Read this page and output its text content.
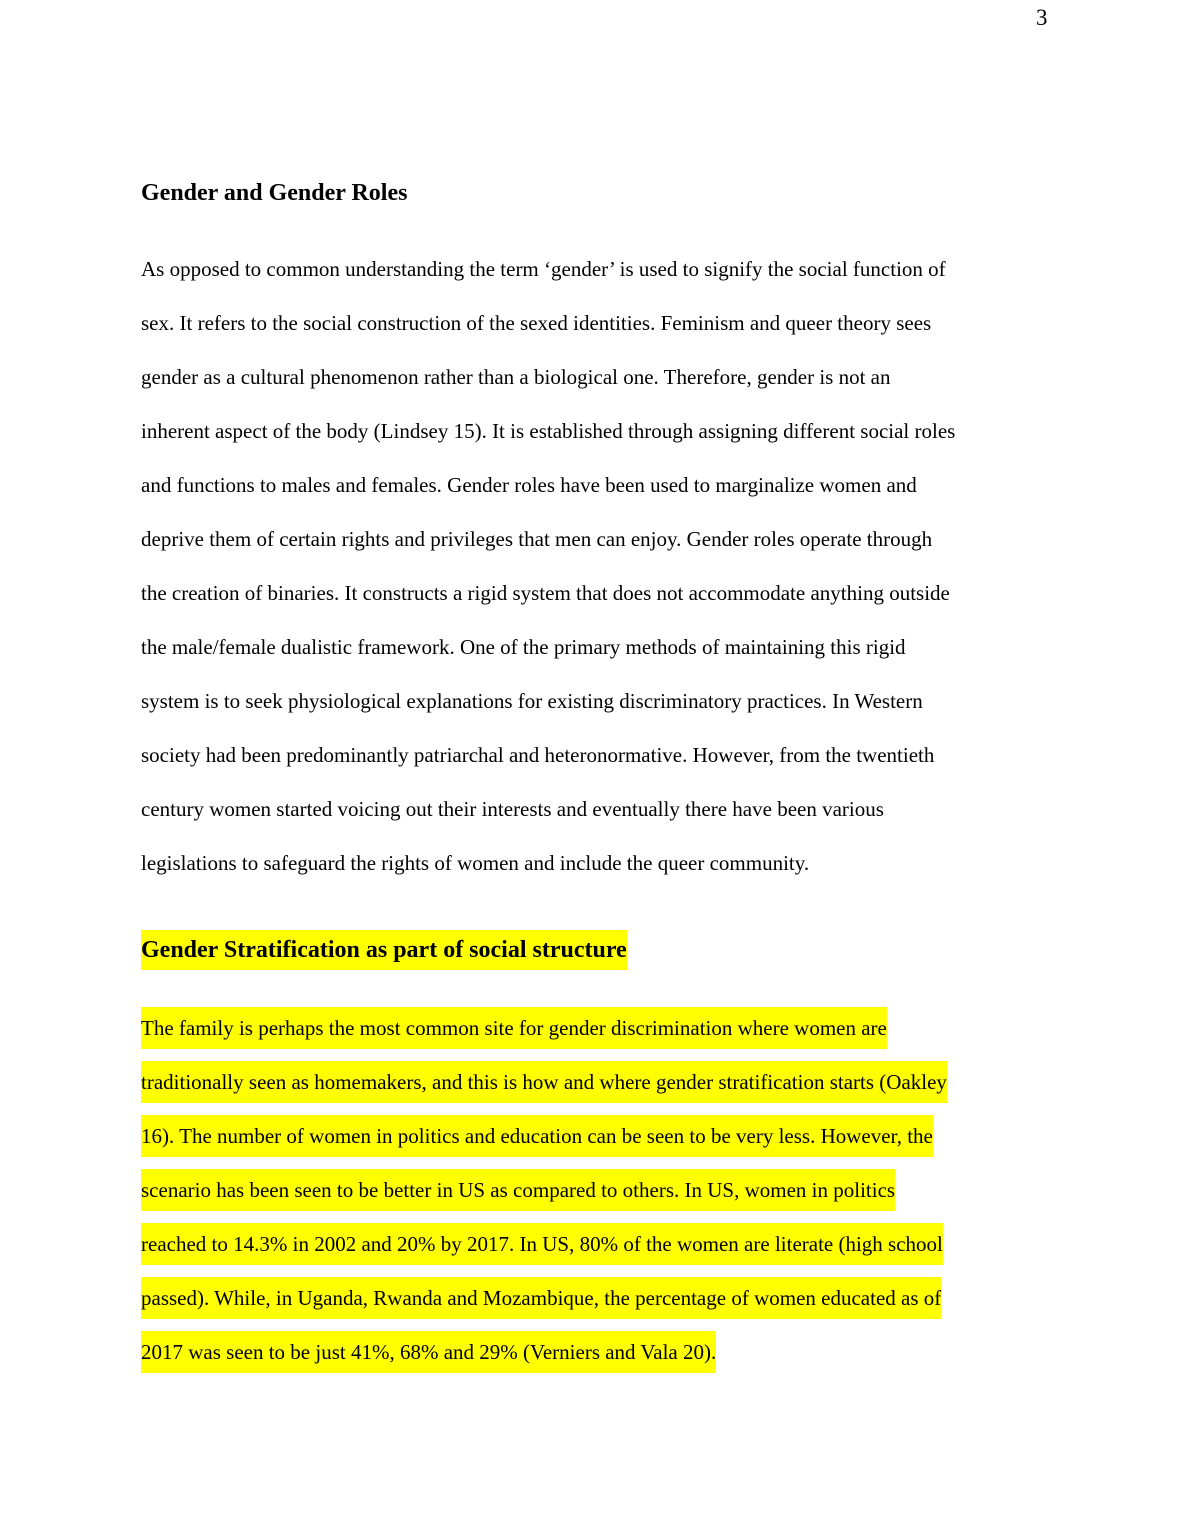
3
Gender and Gender Roles
As opposed to common understanding the term ‘gender’ is used to signify the social function of
sex. It refers to the social construction of the sexed identities. Feminism and queer theory sees
gender as a cultural phenomenon rather than a biological one. Therefore, gender is not an
inherent aspect of the body (Lindsey 15). It is established through assigning different social roles
and functions to males and females. Gender roles have been used to marginalize women and
deprive them of certain rights and privileges that men can enjoy. Gender roles operate through
the creation of binaries. It constructs a rigid system that does not accommodate anything outside
the male/female dualistic framework. One of the primary methods of maintaining this rigid
system is to seek physiological explanations for existing discriminatory practices. In Western
society had been predominantly patriarchal and heteronormative. However, from the twentieth
century women started voicing out their interests and eventually there have been various
legislations to safeguard the rights of women and include the queer community.
Gender Stratification as part of social structure
The family is perhaps the most common site for gender discrimination where women are
traditionally seen as homemakers, and this is how and where gender stratification starts (Oakley
16). The number of women in politics and education can be seen to be very less. However, the
scenario has been seen to be better in US as compared to others. In US, women in politics
reached to 14.3% in 2002 and 20% by 2017. In US, 80% of the women are literate (high school
passed). While, in Uganda, Rwanda and Mozambique, the percentage of women educated as of
2017 was seen to be just 41%, 68% and 29% (Verniers and Vala 20).
